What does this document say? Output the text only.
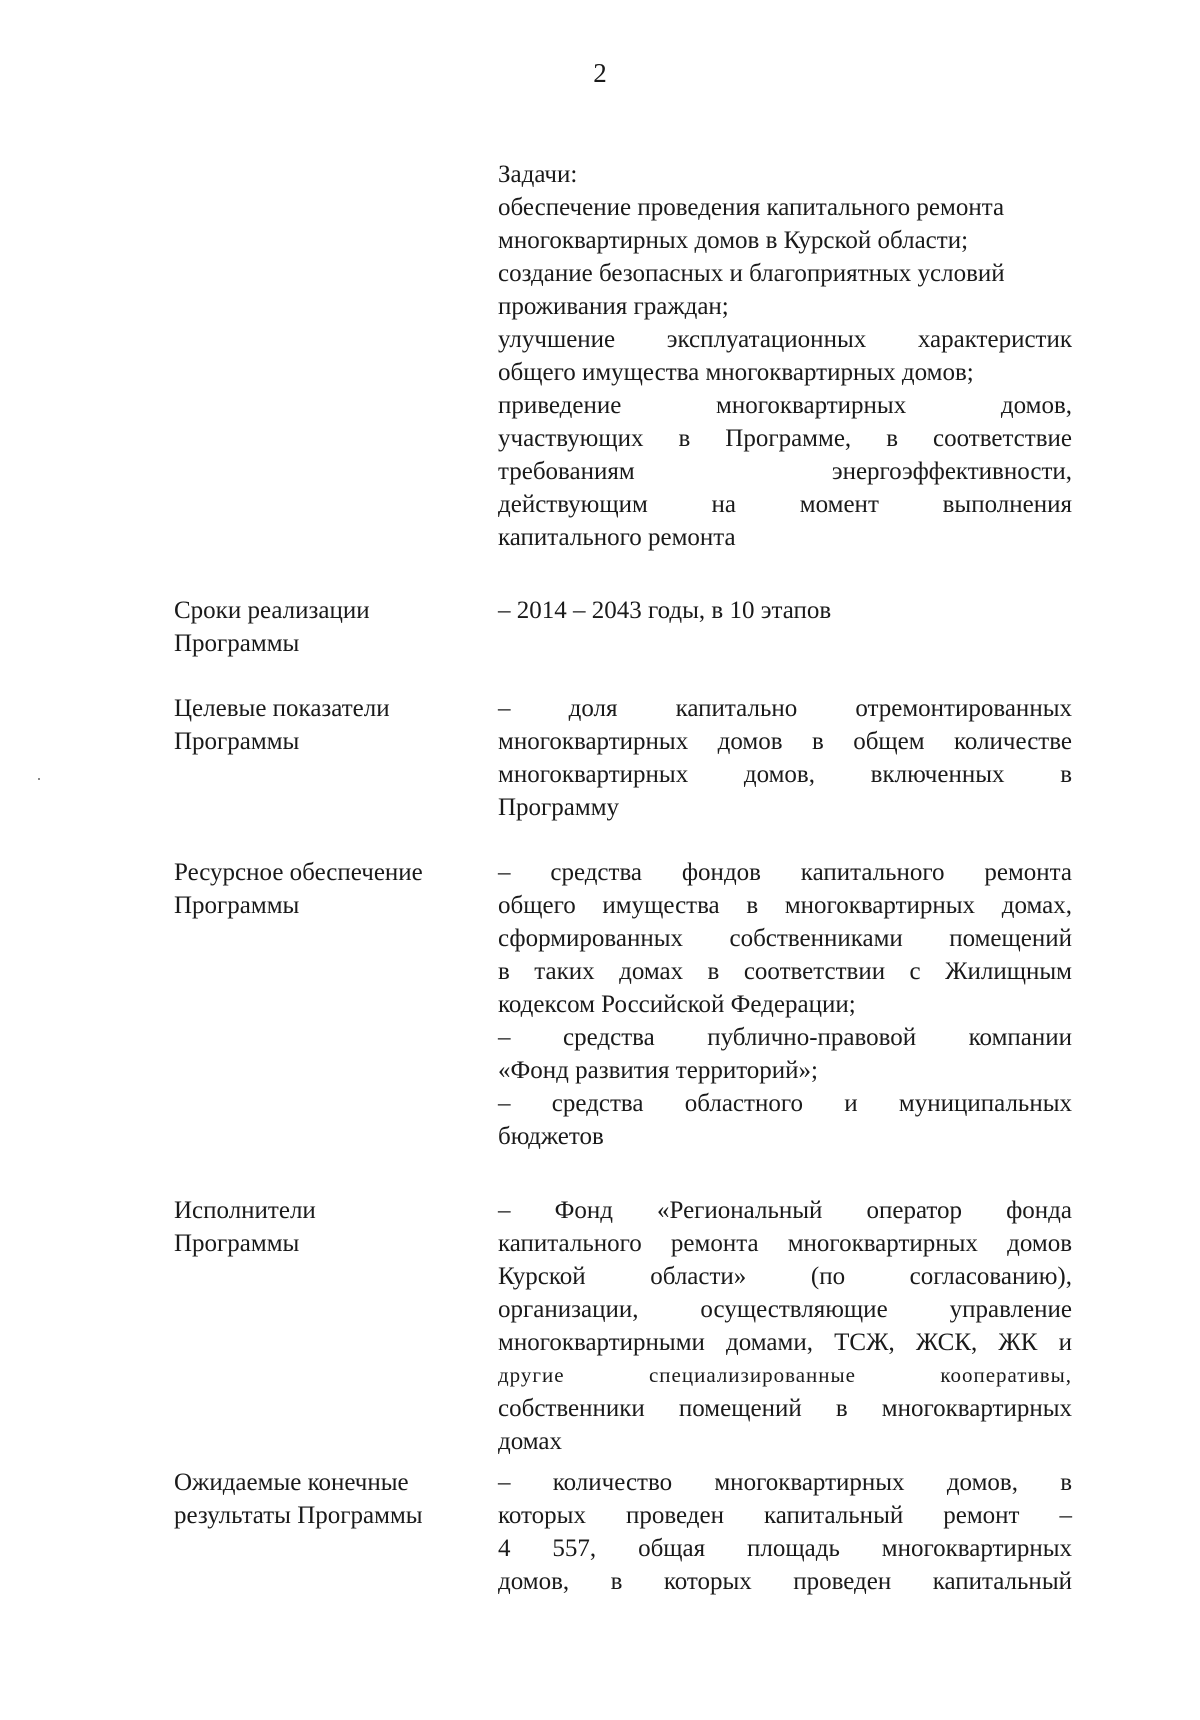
2
Задачи:
обеспечение проведения капитального ремонта
многоквартирных домов в Курской области;
создание безопасных и благоприятных условий
проживания граждан;
улучшение эксплуатационных характеристик
общего имущества многоквартирных домов;
приведение многоквартирных домов,
участвующих в Программе, в соответствие
требованиям энергоэффективности,
действующим на момент выполнения
капитального ремонта
Сроки реализации
Программы
– 2014 – 2043 годы, в 10 этапов
Целевые показатели
Программы
– доля капитально отремонтированных
многоквартирных домов в общем количестве
многоквартирных домов, включенных в
Программу
Ресурсное обеспечение
Программы
– средства фондов капитального ремонта
общего имущества в многоквартирных домах,
сформированных собственниками помещений
в таких домах в соответствии с Жилищным
кодексом Российской Федерации;
– средства публично-правовой компании
«Фонд развития территорий»;
– средства областного и муниципальных
бюджетов
Исполнители
Программы
– Фонд «Региональный оператор фонда
капитального ремонта многоквартирных домов
Курской области» (по согласованию),
организации, осуществляющие управление
многоквартирными домами, ТСЖ, ЖСК, ЖК и
другие специализированные кооперативы,
собственники помещений в многоквартирных
домах
Ожидаемые конечные
результаты Программы
– количество многоквартирных домов, в
которых проведен капитальный ремонт –
4 557, общая площадь многоквартирных
домов, в которых проведен капитальный
